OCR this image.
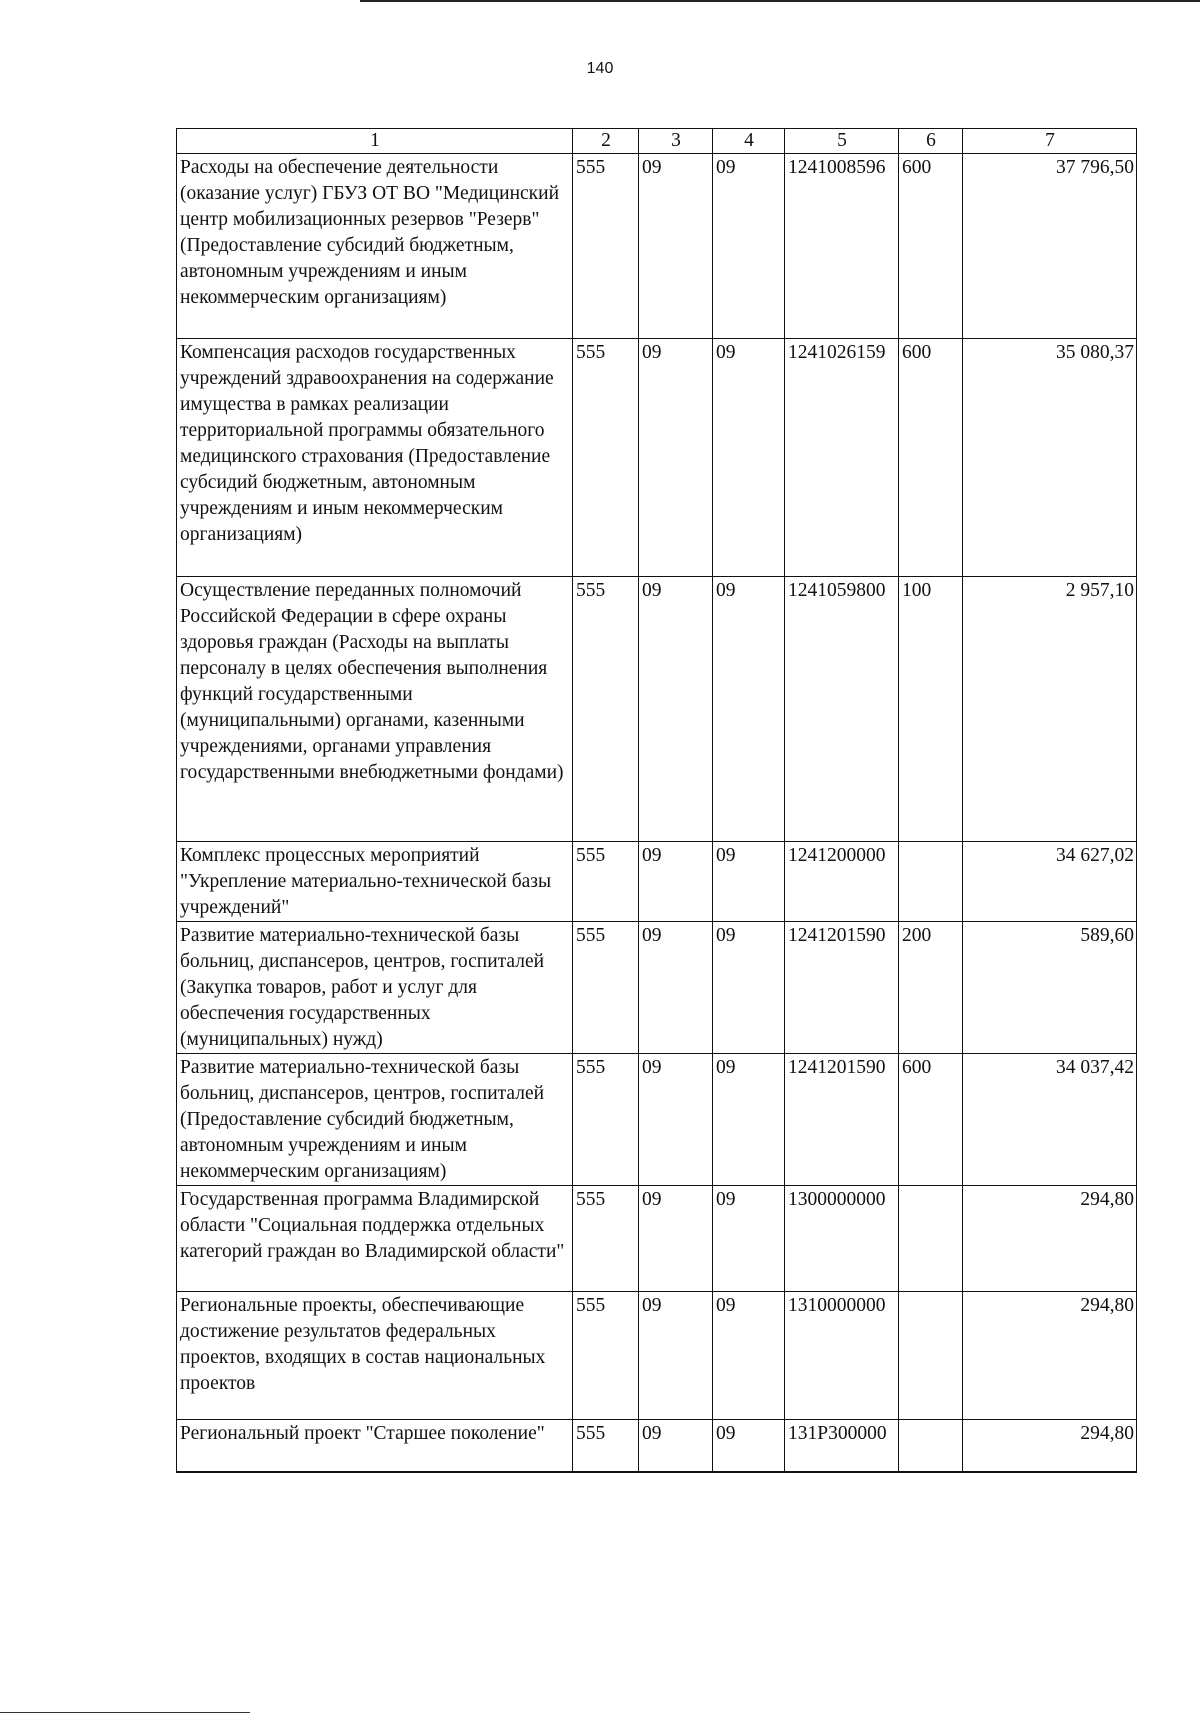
140
1	2	3	4	5	6	7
Расходы на обеспечение деятельности (оказание услуг) ГБУЗ ОТ ВО "Медицинский центр мобилизационных резервов "Резерв" (Предоставление субсидий бюджетным, автономным учреждениям и иным некоммерческим организациям)	555	09	09	1241008596	600	37 796,50
Компенсация расходов государственных учреждений здравоохранения на содержание имущества в рамках реализации территориальной программы обязательного медицинского страхования (Предоставление субсидий бюджетным, автономным учреждениям и иным некоммерческим организациям)	555	09	09	1241026159	600	35 080,37
Осуществление переданных полномочий Российской Федерации в сфере охраны здоровья граждан (Расходы на выплаты персоналу в целях обеспечения выполнения функций государственными (муниципальными) органами, казенными учреждениями, органами управления государственными внебюджетными фондами)	555	09	09	1241059800	100	2 957,10
Комплекс процессных мероприятий "Укрепление материально-технической базы учреждений"	555	09	09	1241200000		34 627,02
Развитие материально-технической базы больниц, диспансеров, центров, госпиталей (Закупка товаров, работ и услуг для обеспечения государственных (муниципальных) нужд)	555	09	09	1241201590	200	589,60
Развитие материально-технической базы больниц, диспансеров, центров, госпиталей (Предоставление субсидий бюджетным, автономным учреждениям и иным некоммерческим организациям)	555	09	09	1241201590	600	34 037,42
Государственная программа Владимирской области "Социальная поддержка отдельных категорий граждан во Владимирской области"	555	09	09	1300000000		294,80
Региональные проекты, обеспечивающие достижение результатов федеральных проектов, входящих в состав национальных проектов	555	09	09	1310000000		294,80
Региональный проект "Старшее поколение"	555	09	09	131P300000		294,80
